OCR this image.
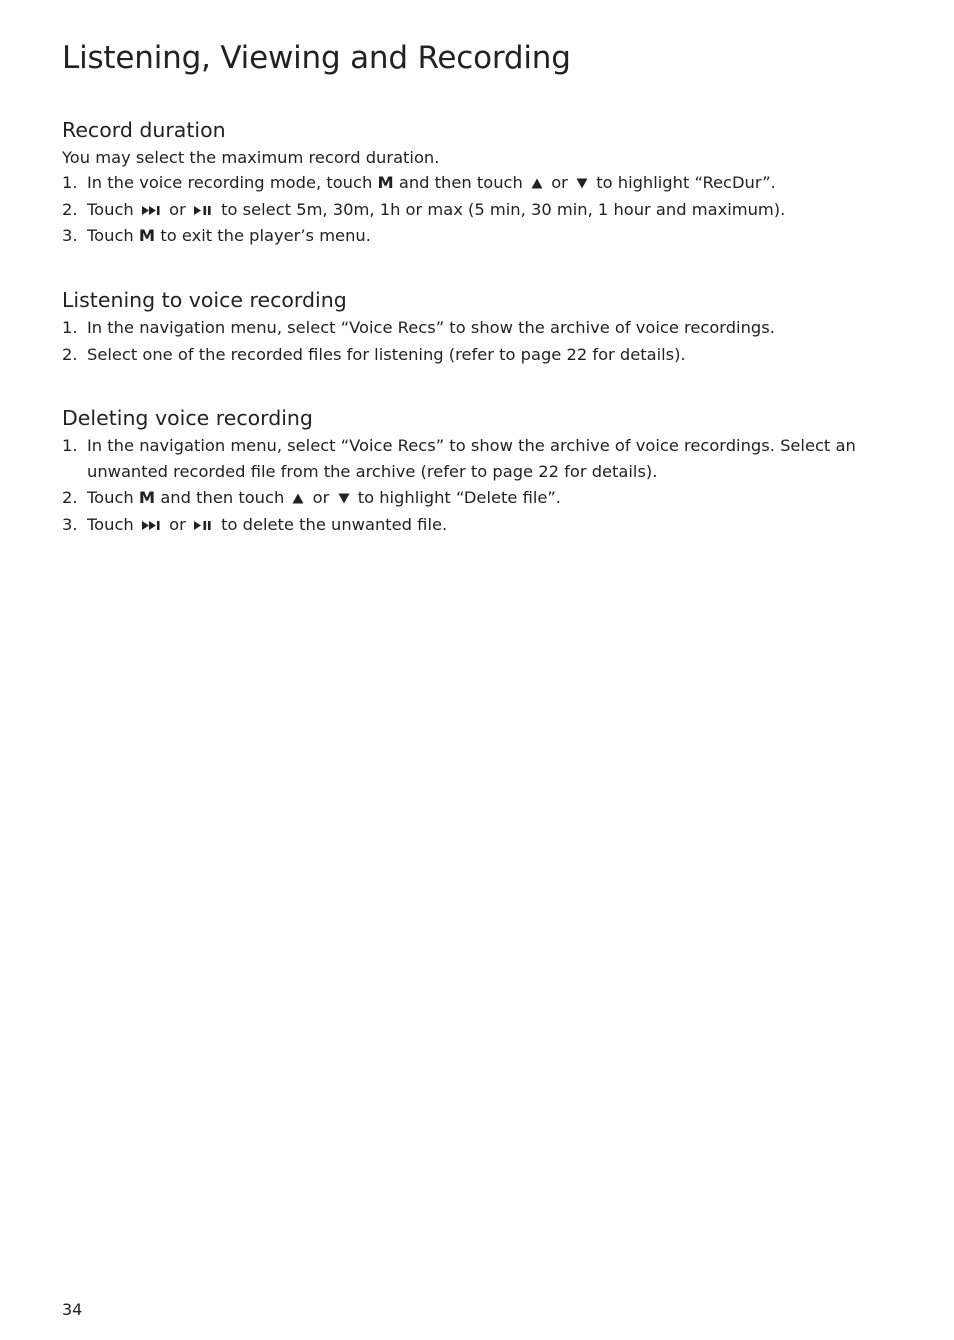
Listening, Viewing and Recording
Record duration

You may select the maximum record duration.

1. In the voice recording mode, touch M and then touch or to highlight “RecDur”.
2. Touch or to select 5m, 30m, 1h or max (5 min, 30 min, 1 hour and maximum).
3. Touch M to exit the player’s menu.
Listening to voice recording
1. In the navigation menu, select “Voice Recs” to show the archive of voice recordings.
2. Select one of the recorded files for listening (refer to page 22 for details).
Deleting voice recording
1. In the navigation menu, select “Voice Recs” to show the archive of voice recordings. Select an unwanted recorded file from the archive (refer to page 22 for details).
2. Touch M and then touch or to highlight “Delete file”.
3. Touch or to delete the unwanted file.
34
